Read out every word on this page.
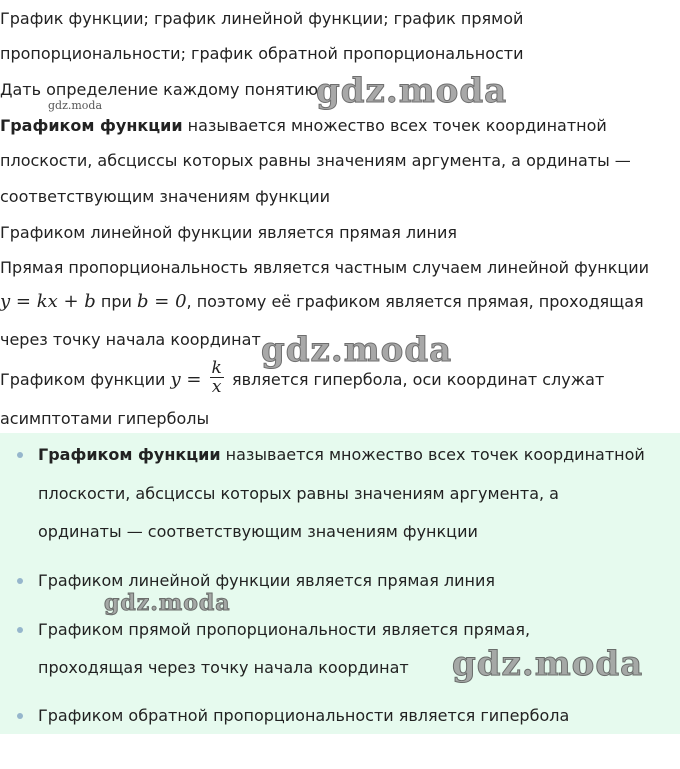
График функции; график линейной функции; график прямой
пропорциональности; график обратной пропорциональности
Дать определение каждому понятию
Графиком функции называется множество всех точек координатной
плоскости, абсциссы которых равны значениям аргумента, а ординаты —
соответствующим значениям функции
Графиком линейной функции является прямая линия
Прямая пропорциональность является частным случаем линейной функции
y = kx + b при b = 0, поэтому её графиком является прямая, проходящая
через точку начала координат
Графиком функции $y = \frac{k}{x}$ является гипербола, оси координат служат
асимптотами гиперболы
Графиком функции называется множество всех точек координатной
плоскости, абсциссы которых равны значениям аргумента, а
ординаты — соответствующим значениям функции
Графиком линейной функции является прямая линия
Графиком прямой пропорциональности является прямая,
проходящая через точку начала координат
Графиком обратной пропорциональности является гипербола
gdz.moda
gdz.moda
gdz.moda
gdz.moda
gdz.moda
